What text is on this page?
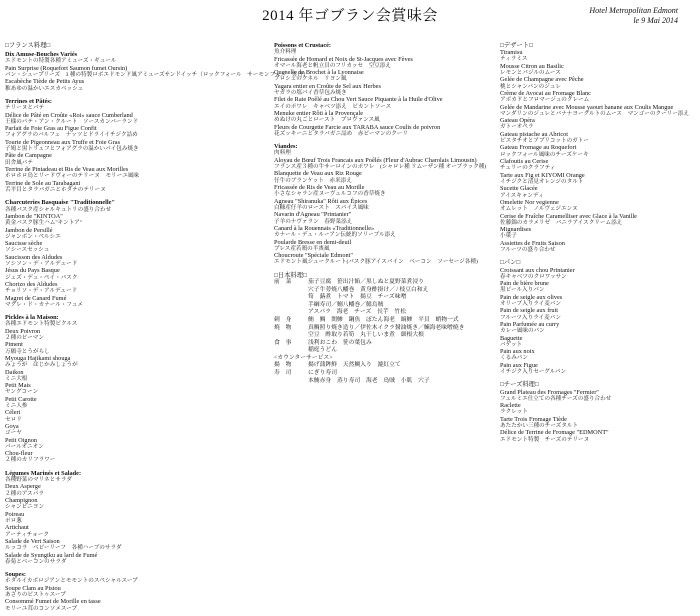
2014 年ゴブラン会賞味会	Hotel Metropolitan Edmont
le 9 Mai 2014
□フランス料理□
Dix Amuse-Bouches Variés
エドモントの特製各種アミューズ・ギュール
Pain Surprise (Roquefort Saumon fumet Oursin)
パン・シュープリーズ　3 種の特製ロボエドモンド風アミューズサンドイッチ（ロックフォール　サーモンフュメ　雲丹）
Escabèche Tiède de Petits Ayus
稚あゆの温かいエスカベッシュ
Terrines et Pâtés:
テリーヌとパテ
Délice de Pâté en Croûte «Roi» sauce Cumberland
王様のパテ・アン・クルート　ソースカンバーランド
Parfait de Foie Gras au Figue Confit
フォアグラのパルフェ　ナッツとドライイチジク詰め
Tourte de Pigeonneau aux Truffe et Foie Gras
子鳩と黒トリュフとフォアグラの温かいパイ包み焼き
Pâte de Campagne
田舎風パテ
Terrine de Pintadeau et Ris de Veau aux Morilles
ホロホロ鳥とリードヴォーのテリーヌ　モリーユ風味
Terrine de Sole au Tarabagani
舌平目とタラバガニとホタテのテリーヌ
Charcuteries Basquaise "Traditionnelle"
各種バスク産シャルキュトリの盛り合わせ
Jambon de "KINTOA"
黄金バスク豚生ハム"キントア"
Jambon de Persillé
ジャンボン・ペルシエ
Saucisse sèche
ソシースセッシュ
Saucisson des Aldudes
ソシソン・デ・アルデュード
Jésus du Pays Basque
ジェズ・デュ・ペイ・バスク
Chorizo des Aldudes
チョリソ・デ・アルデュード
Magret de Canard Fumé
マグレ・ド・カナール・フュメ
Pickles à la Maison:
各種エドモント特製ピクルス
Deux Poivron
２種のピーマン
Piment
万願寺とうがらし
Myouga Hajikami shouga
みょうが　はじかみしょうが
Daikon
ミニ大根
Petit Mais
ヤングコーン
Petit Carotte
ミニ人参
Céleri
セロリ
Goya
ゴーヤ
Petit Oignon
パールオニオン
Chou-fleur
２種のカリフラワー
Légumes Marinés et Salade:
各種野菜のマリネとサラダ
Deux Asperge
２種のアスパラ
Champignon
シャンピニヨン
Poireau
ポロ葱
Artichaut
アーティチョーク
Salade de Vert Saison
ルッコラ　ベビーリーフ　各種ハーブのサラダ
Salade de Syungiku au lard de Fumé
春菊とベーコンのサラダ
Soupes:
ホタルイカボロジアンとモモントのスペシャルスープ
Soupe Clam au Pistou
あさりのピストゥスープ
Consommé Fumet de Morille en tasse
モリーユ茸のコンソメスープ
Poissons et Crustacé:
魚介料理
Fricassée de Homard et Noix de St-Jacques avec Fèves
オマール海老と帆立貝のフリカッセ　空豆添え
Quenelle de Brochet à la Lyonnaise
ブロシェのクネル　リヨン風
Yagara entier en Croûte de Sel aux Herbes
ヤガラの塩パイ香草包み焼き
Filet de Raie Poêlé au Chou Vert Sauce Piquante à la Huile d'Olive
エイのポワレ　キャベツ添え　ピカントソース
Menuke entier Rôti à la Provençale
めぬけの丸ごとロースト　プロヴァンス風
Fleurs de Courgette Farcie aux TARABA sauce Coulis de poivron
花ズッキーニとタラバガニ詰め　赤ピーマンのクーリ
Viandes:
肉料理
Aloyau de Bœuf Trois Francais aux Poêlés (Fleur d'Aubrac Charolais Limousin)
フランス産３種の牛サーロインのポワレ　(シャロレ種 リムーザン種 オーブラック種)
Blanquette de Veau aux Riz Rouge
仔牛のブランケット　赤米添え
Fricassée de Ris de Veau au Morille
小さなシャラン産ヌーヴェルコフの香草焼き
Agneau "Shiranuka" Rôti aux Épices
白糠産仔羊のロースト　スパイス風味
Navarin d'Agneau "Printanier"
子羊のナヴァラン　春野菜添え
Canard à la Rouennais «Traditionnelle»
カナール・デュ・ルーアン伝統的ソリーブル添え
Poularde Bresse en demi-deuil
プレス産若鶏の半喪風
Choucroute "Spéciale Edmont"
エドモント風シュークルート(バスク豚アイスバイン　ベーコン　ソーセージ各種)
□日本料理□
前　菜	茄子豆腐　笹出汁餡／黒しぬと夏野菜煮浸り
穴子牛蒡焼八幡巻　黄身酢掛け／ / 枝豆白和え
筍　蕗煮　トマト　揚豆　チーズ味噌
手綱寿司／鰯八幡巻／鱚烏賊
アスパラ　海老　チーズ　長芋　竹松
刺　身	鮪　鯛　関鯵　鋼魚　ぼたん海老　縞鯵　平貝　蛸物一式
焼　物	真鯛照り焼き造り／伊佐木イクラ醤油焼き／鰊海老味噌焼き
空豆　酢取り若筍　丸干しいま煮　細根大根
食　事	浅利おこわ　笹の葉包み
稲庭うどん
<カウンターサービス>
揚　物	揚げ蒲鉾鮮　天然鯛入り　漉紅立て
寿　司	にぎり寿司
本鮪赤身　蒸り寿司　海老　鳥賊　小肌　穴子
□デザート□
Tiramisu
ティラミス
Mousse Citron au Basilic
レモンとバジルのムース
Gelée de Champagne avec Pêche
桃とシャンパンのジュレ
Crème de Avocat au Fromage Blanc
アボカドとフロマージュのクレーム
Gelée de Mandarine avec Mousse yaourt banane aux Coulis Mangue
マンダリンのジュレとバナナヨーグルトのムース　マンゴーのクーリー添え
Gateau Opéra
ガトーオペラ
Gateau pistache au Abricot
ピスタチオとアプリコットのガトー
Gateau Fromage au Roquefort
ロックフォール風味のチーズケーキ
Clafoutis au Cerise
チェリーのクラフティ
Tarte aux Fig et KIYOMI Orange
イチジクと清見オレンジのタルト
Sucette Glacée
アイスキャンディ
Omelette Nor vegienne
オムレット　ノルヴェジエンヌ
Cerise de Fraîche Caramelliser avec Glace à la Vanille
佐藤錦のカラメリゼ　バニラアイスクリーム添え
Mignardises
小菓子
Assiettes de Fruits Saison
フルーツの盛り合わせ
□パン□
Croissant aux chou Printanier
春キャベツのクロワッサン
Pain de bière brune
黒ビール入りパン
Pain de seigle aux olives
オリーブ入りライ麦パン
Pain de seigle aux fruit
フルーツ入りライ麦パン
Pain Parfumée au curry
カレー風味のパン
Baguette
バゲット
Pain aux noix
くるみパン
Pain aux Figue
イチジク入りセーグルパン
□チーズ料理□
Grand Plateau des Fromages "Fermier"
フェルミエ仕立ての各種チーズの盛り合わせ
Raclette
ラクレット
Tarte Trois Fromage Tiède
あたたかい三種のチーズタルト
Délice de Terrine de Fromage "EDMONT"
エドモント特製　チーズのテリーヌ
